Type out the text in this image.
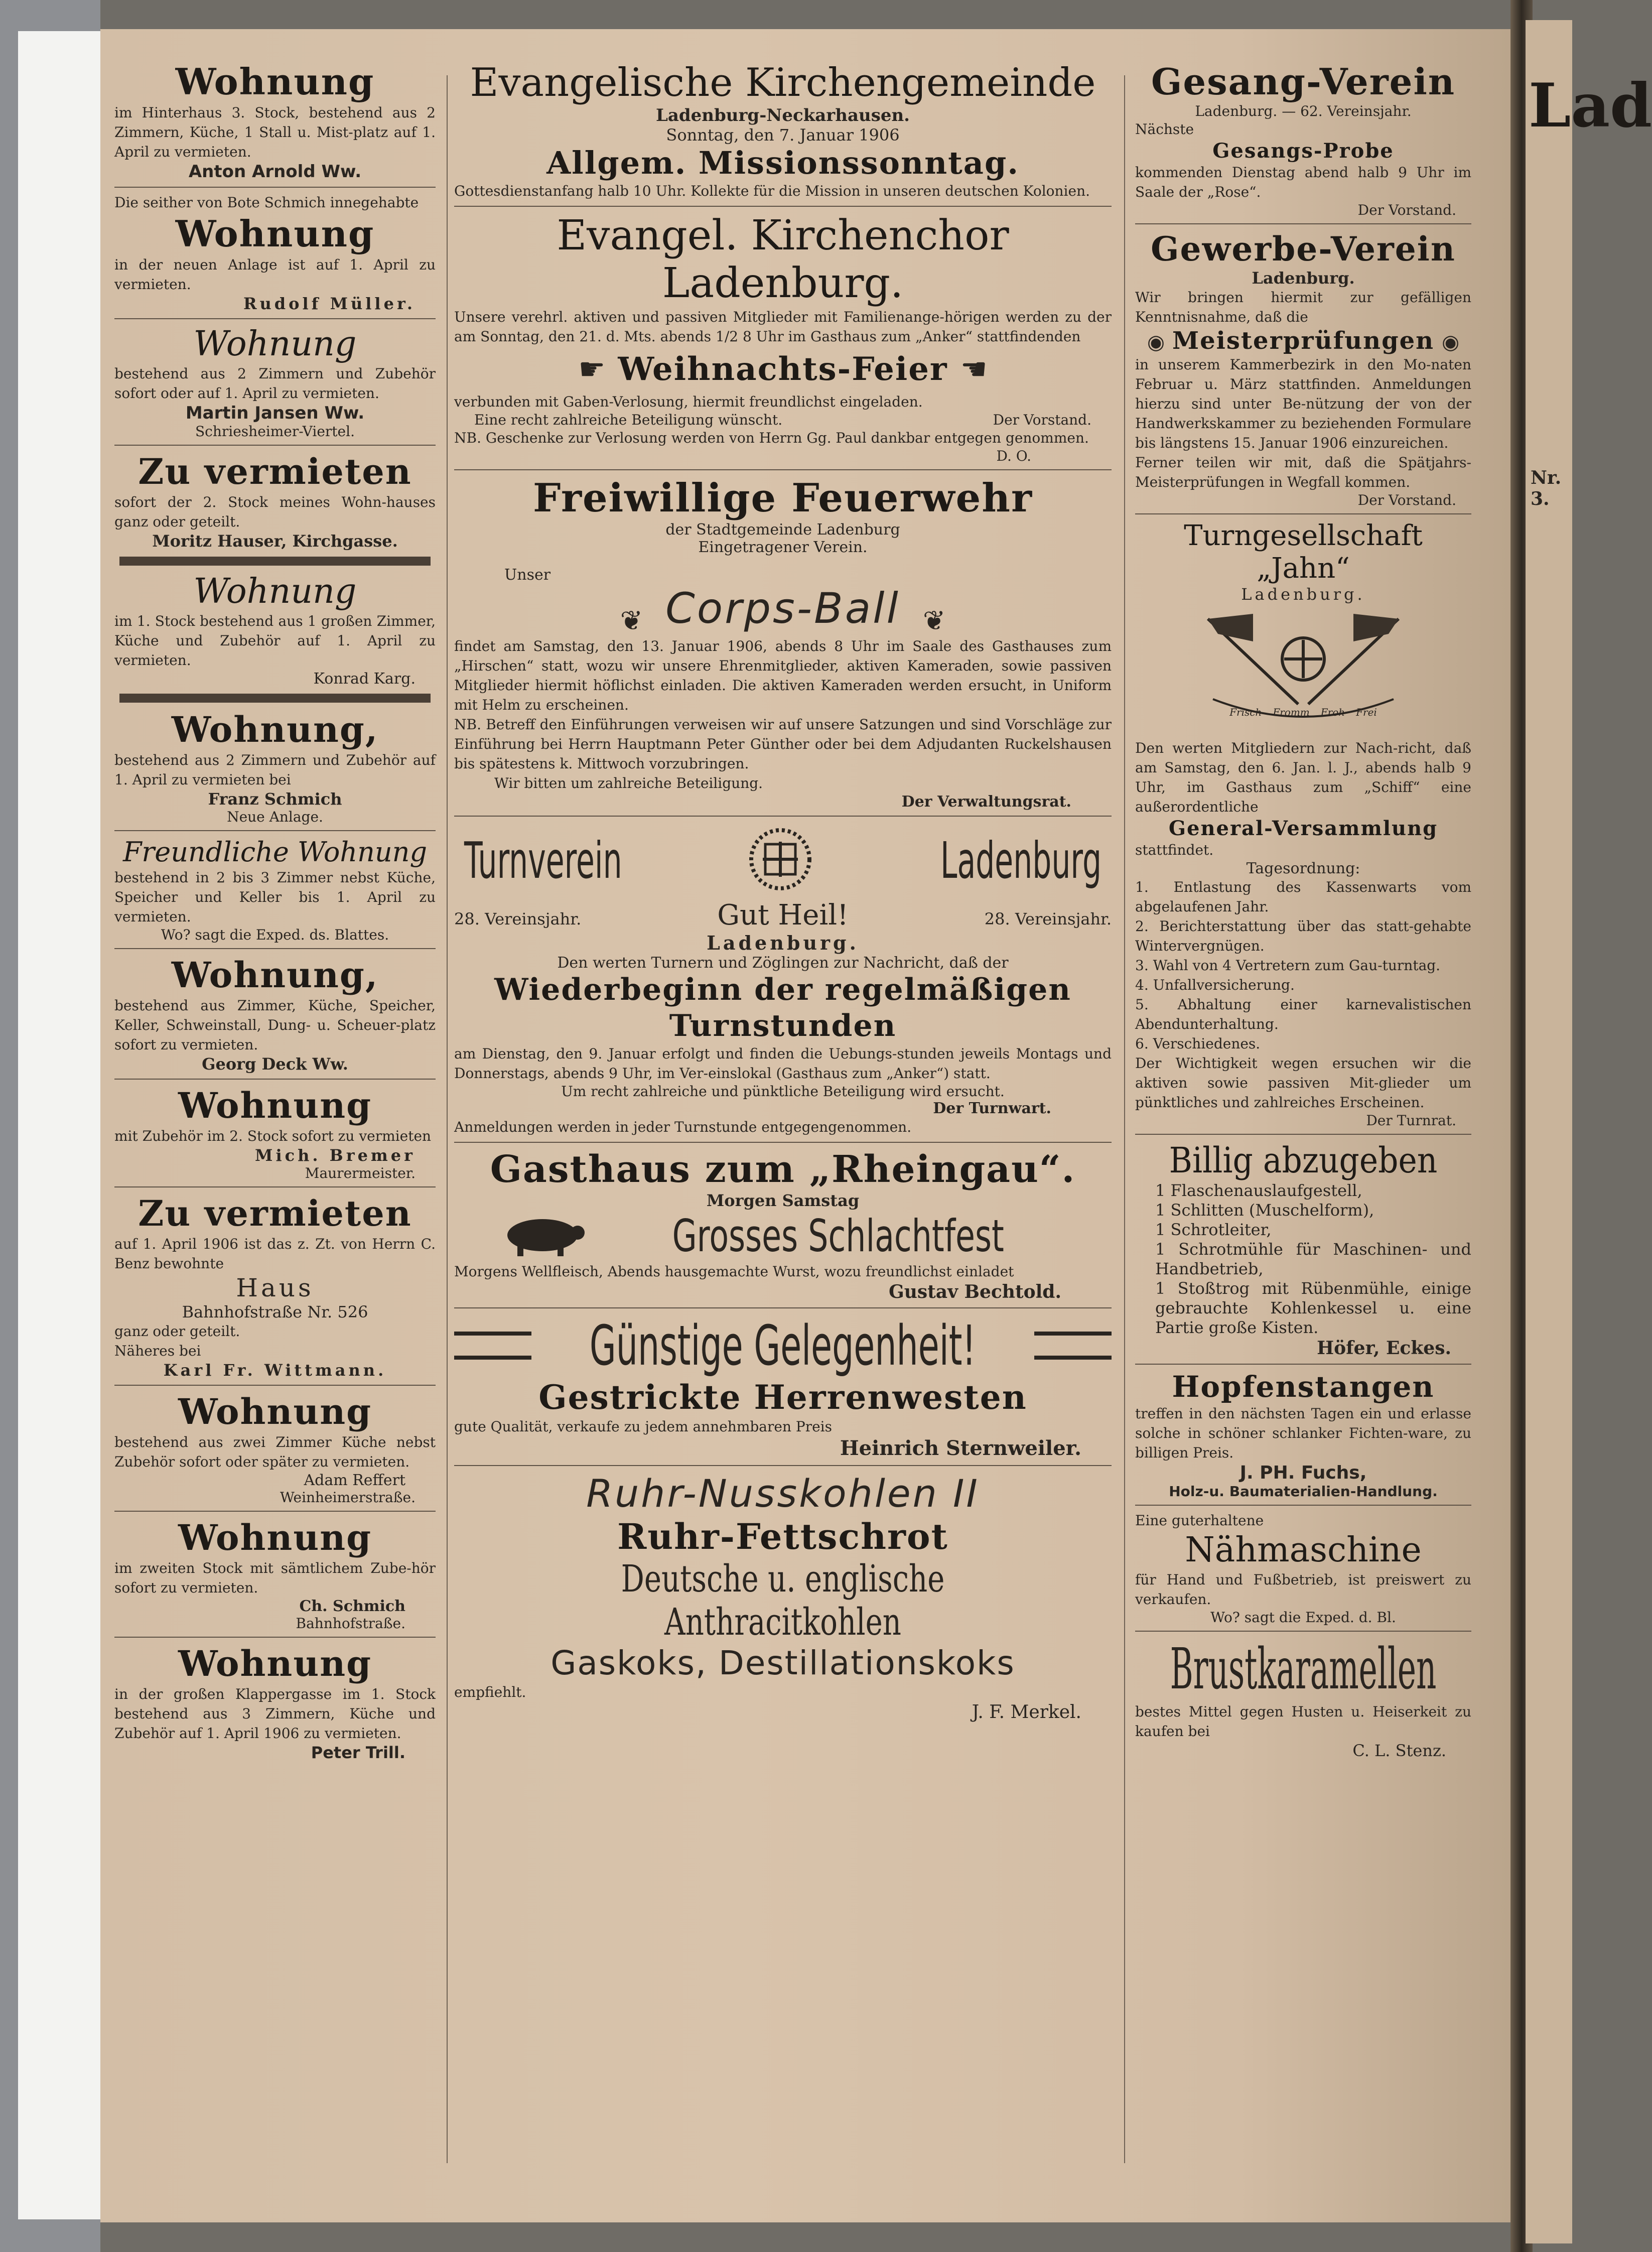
Lad
Nr. 3.
Wohnung

im Hinterhaus 3. Stock, bestehend aus 2 Zimmern, Küche, 1 Stall u. Mist-platz auf 1. April zu vermieten.

Anton Arnold Ww.

Die seither von Bote Schmich innegehabte

Wohnung

in der neuen Anlage ist auf 1. April zu vermieten.

Rudolf Müller.
Wohnung

bestehend aus 2 Zimmern und Zubehör sofort oder auf 1. April zu vermieten.

Martin Jansen Ww.
Schriesheimer-Viertel.
Zu vermieten

sofort der 2. Stock meines Wohn-hauses ganz oder geteilt.

Moritz Hauser, Kirchgasse.
Wohnung

im 1. Stock bestehend aus 1 großen Zimmer, Küche und Zubehör auf 1. April zu vermieten.

Konrad Karg.
Wohnung,

bestehend aus 2 Zimmern und Zubehör auf 1. April zu vermieten bei

Franz Schmich
Neue Anlage.
Freundliche Wohnung

bestehend in 2 bis 3 Zimmer nebst Küche, Speicher und Keller bis 1. April zu vermieten.

Wo? sagt die Exped. ds. Blattes.
Wohnung,

bestehend aus Zimmer, Küche, Speicher, Keller, Schweinstall, Dung- u. Scheuer-platz sofort zu vermieten.

Georg Deck Ww.
Wohnung

mit Zubehör im 2. Stock sofort zu vermieten

Mich. Bremer
Maurermeister.
Zu vermieten

auf 1. April 1906 ist das z. Zt. von Herrn C. Benz bewohnte

Haus
Bahnhofstraße Nr. 526

ganz oder geteilt.

Näheres bei

Karl Fr. Wittmann.
Wohnung

bestehend aus zwei Zimmer Küche nebst Zubehör sofort oder später zu vermieten.

Adam Reffert
Weinheimerstraße.
Wohnung

im zweiten Stock mit sämtlichem Zube-hör sofort zu vermieten.

Ch. Schmich
Bahnhofstraße.
Wohnung

in der großen Klappergasse im 1. Stock bestehend aus 3 Zimmern, Küche und Zubehör auf 1. April 1906 zu vermieten.

Peter Trill.
Evangelische Kirchengemeinde
Ladenburg-Neckarhausen.
Sonntag, den 7. Januar 1906
Allgem. Missionssonntag.

Gottesdienstanfang halb 10 Uhr. Kollekte für die Mission in unseren deutschen Kolonien.

Evangel. Kirchenchor Ladenburg.

Unsere verehrl. aktiven und passiven Mitglieder mit Familienange-hörigen werden zu der am Sonntag, den 21. d. Mts. abends 1/2 8 Uhr im Gasthaus zum „Anker“ stattfindenden

☛ Weihnachts-Feier ☚

verbunden mit Gaben-Verlosung, hiermit freundlichst eingeladen.

Eine recht zahlreiche Beteiligung wünscht.	Der Vorstand.

NB. Geschenke zur Verlosung werden von Herrn Gg. Paul dankbar entgegen genommen.

D. O.
Freiwillige Feuerwehr
der Stadtgemeinde Ladenburg
Eingetragener Verein.
Unser
❦ Corps-Ball ❦

findet am Samstag, den 13. Januar 1906, abends 8 Uhr im Saale des Gasthauses zum „Hirschen“ statt, wozu wir unsere Ehrenmitglieder, aktiven Kameraden, sowie passiven Mitglieder hiermit höflichst einladen. Die aktiven Kameraden werden ersucht, in Uniform mit Helm zu erscheinen.

NB. Betreff den Einführungen verweisen wir auf unsere Satzungen und sind Vorschläge zur Einführung bei Herrn Hauptmann Peter Günther oder bei dem Adjudanten Ruckelshausen bis spätestens k. Mittwoch vorzubringen.

Wir bitten um zahlreiche Beteiligung.

Der Verwaltungsrat.
Turnverein	Ladenburg
28. Vereinsjahr.	Gut Heil!	28. Vereinsjahr.
Ladenburg.
Den werten Turnern und Zöglingen zur Nachricht, daß der
Wiederbeginn der regelmäßigen Turnstunden

am Dienstag, den 9. Januar erfolgt und finden die Uebungs-stunden jeweils Montags und Donnerstags, abends 9 Uhr, im Ver-einslokal (Gasthaus zum „Anker“) statt.

Um recht zahlreiche und pünktliche Beteiligung wird ersucht.
Der Turnwart.

Anmeldungen werden in jeder Turnstunde entgegengenommen.

Gasthaus zum „Rheingau“.
Morgen Samstag
Grosses Schlachtfest

Morgens Wellfleisch, Abends hausgemachte Wurst, wozu freundlichst einladet

Gustav Bechtold.
Günstige Gelegenheit!
Gestrickte Herrenwesten

gute Qualität, verkaufe zu jedem annehmbaren Preis

Heinrich Sternweiler.
Ruhr-Nusskohlen II
Ruhr-Fettschrot
Deutsche u. englische Anthracitkohlen
Gaskoks, Destillationskoks

empfiehlt.

J. F. Merkel.
Gesang-Verein
Ladenburg. — 62. Vereinsjahr.

Nächste

Gesangs-Probe

kommenden Dienstag abend halb 9 Uhr im Saale der „Rose“.

Der Vorstand.
Gewerbe-Verein
Ladenburg.

Wir bringen hiermit zur gefälligen Kenntnisnahme, daß die

◉ Meisterprüfungen ◉

in unserem Kammerbezirk in den Mo-naten Februar u. März stattfinden. Anmeldungen hierzu sind unter Be-nützung der von der Handwerkskammer zu beziehenden Formulare bis längstens 15. Januar 1906 einzureichen.

Ferner teilen wir mit, daß die Spätjahrs-Meisterprüfungen in Wegfall kommen.

Der Vorstand.
Turngesellschaft „Jahn“
Ladenburg.
Frisch Fromm Froh Frei

Den werten Mitgliedern zur Nach-richt, daß am Samstag, den 6. Jan. l. J., abends halb 9 Uhr, im Gasthaus zum „Schiff“ eine außerordentliche

General-Versammlung

stattfindet.

Tagesordnung:

1. Entlastung des Kassenwarts vom abgelaufenen Jahr.

2. Berichterstattung über das statt-gehabte Wintervergnügen.

3. Wahl von 4 Vertretern zum Gau-turntag.

4. Unfallversicherung.

5. Abhaltung einer karnevalistischen Abendunterhaltung.

6. Verschiedenes.

Der Wichtigkeit wegen ersuchen wir die aktiven sowie passiven Mit-glieder um pünktliches und zahlreiches Erscheinen.

Der Turnrat.
Billig abzugeben

1 Flaschenauslaufgestell,

1 Schlitten (Muschelform),

1 Schrotleiter,

1 Schrotmühle für Maschinen- und Handbetrieb,

1 Stoßtrog mit Rübenmühle, einige gebrauchte Kohlenkessel u. eine Partie große Kisten.

Höfer, Eckes.
Hopfenstangen

treffen in den nächsten Tagen ein und erlasse solche in schöner schlanker Fichten-ware, zu billigen Preis.

J. PH. Fuchs,
Holz-u. Baumaterialien-Handlung.

Eine guterhaltene

Nähmaschine

für Hand und Fußbetrieb, ist preiswert zu verkaufen.

Wo? sagt die Exped. d. Bl.
Brustkaramellen

bestes Mittel gegen Husten u. Heiserkeit zu kaufen bei

C. L. Stenz.
